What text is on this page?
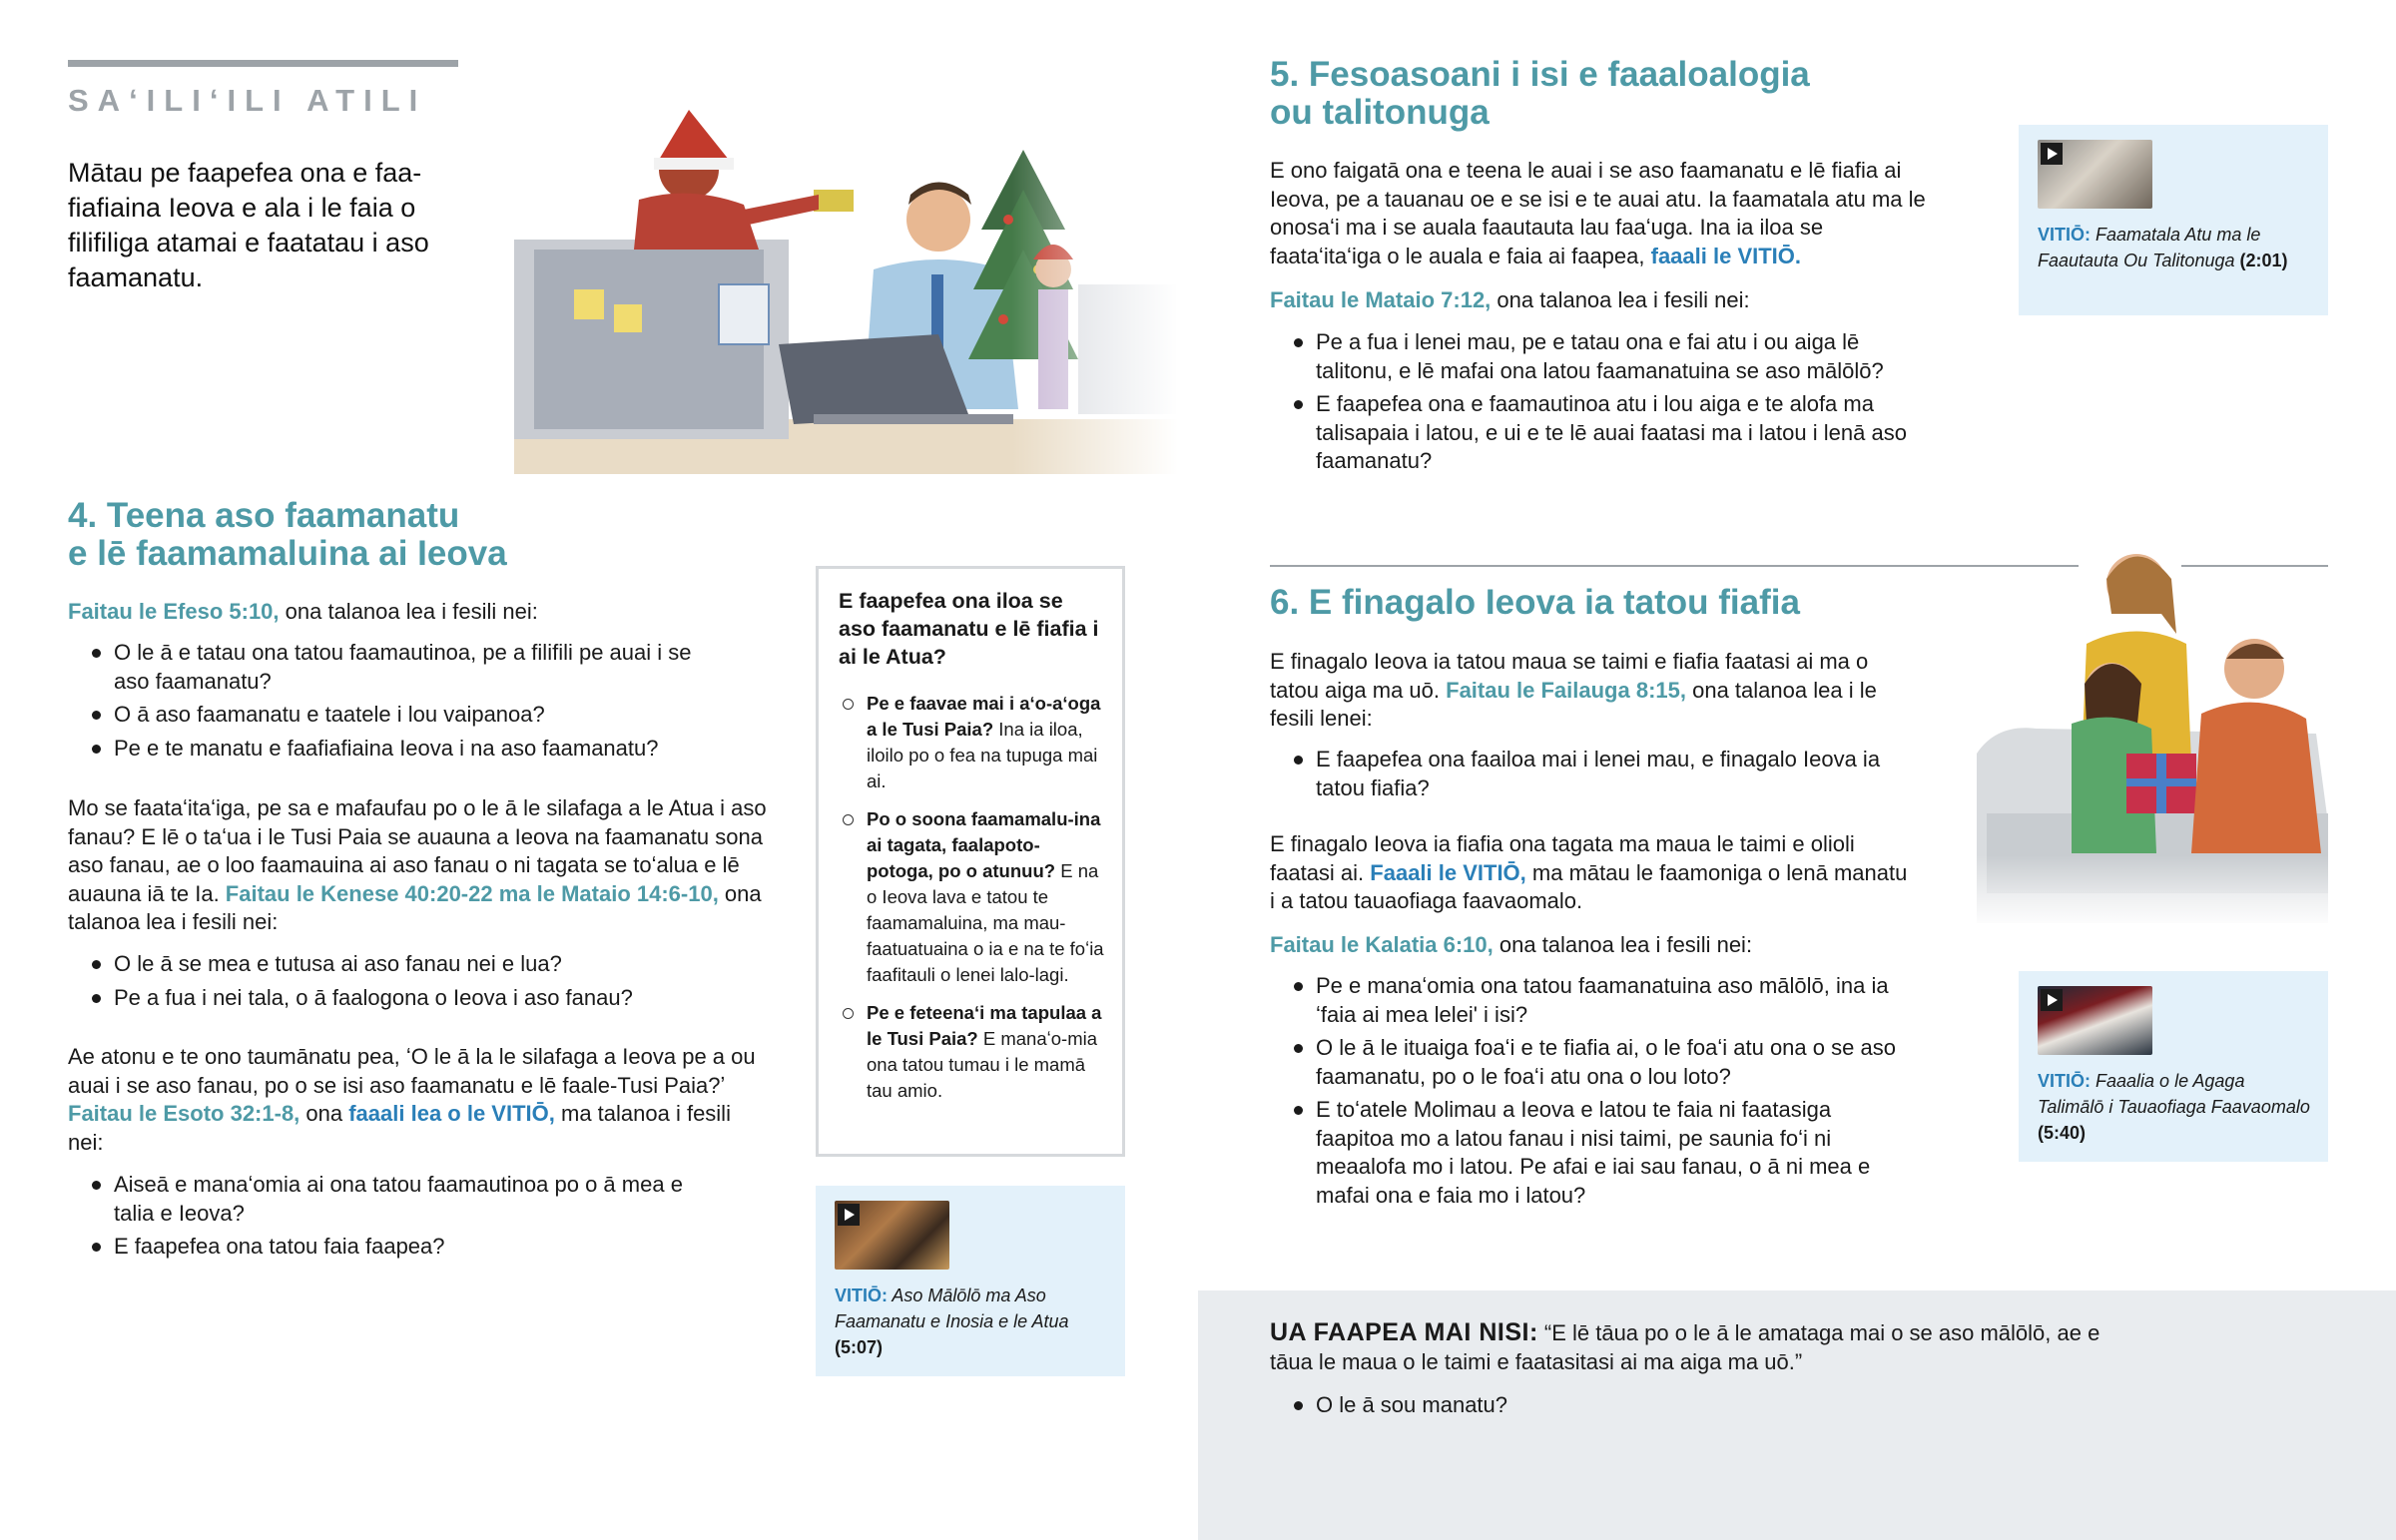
SAʻILIʻILI ATILI
Mātau pe faapefea ona e faa-fiafiaina Ieova e ala i le faia o filifiliga atamai e faatatau i aso faamanatu.
4. Teena aso faamanatu
e lē faamamaluina ai Ieova
Faitau le Efeso 5:10, ona talanoa lea i fesili nei:
O le ā e tatau ona tatou faamautinoa, pe a filifili pe auai i se aso faamanatu?
O ā aso faamanatu e taatele i lou vaipanoa?
Pe e te manatu e faafiafiaina Ieova i na aso faamanatu?
Mo se faataʻitaʻiga, pe sa e mafaufau po o le ā le silafaga a le Atua i aso fanau? E lē o taʻua i le Tusi Paia se auauna a Ieova na faamanatu sona aso fanau, ae o loo faamauina ai aso fanau o ni tagata se toʻalua e lē auauna iā te Ia. Faitau le Kenese 40:20-22 ma le Mataio 14:6-10, ona talanoa lea i fesili nei:
O le ā se mea e tutusa ai aso fanau nei e lua?
Pe a fua i nei tala, o ā faalogona o Ieova i aso fanau?
Ae atonu e te ono taumānatu pea, ʻO le ā la le silafaga a Ieova pe a ou auai i se aso fanau, po o se isi aso faamanatu e lē faale-Tusi Paia?ʼ Faitau le Esoto 32:1-8, ona faaali lea o le VITIŌ, ma talanoa i fesili nei:
Aiseā e manaʻomia ai ona tatou faamautinoa po o ā mea e talia e Ieova?
E faapefea ona tatou faia faapea?
E faapefea ona iloa se aso faamanatu e lē fiafia i ai le Atua?
Pe e faavae mai i aʻo-aʻoga a le Tusi Paia? Ina ia iloa, iloilo po o fea na tupuga mai ai.
Po o soona faamamalu-ina ai tagata, faalapoto-potoga, po o atunuu? E na o Ieova lava e tatou te faamamaluina, ma mau-faatuatuaina o ia e na te foʻia faafitauli o lenei lalo-lagi.
Pe e feteenaʻi ma tapulaa a le Tusi Paia? E manaʻo-mia ona tatou tumau i le mamā tau amio.
VITIŌ: Aso Mālōlō ma Aso Faamanatu e Inosia e le Atua (5:07)
5. Fesoasoani i isi e faaaloalogia
ou talitonuga
E ono faigatā ona e teena le auai i se aso faamanatu e lē fiafia ai Ieova, pe a tauanau oe e se isi e te auai atu. Ia faamatala atu ma le onosaʻi ma i se auala faautauta lau faaʻuga. Ina ia iloa se faataʻitaʻiga o le auala e faia ai faapea, faaali le VITIŌ.
Faitau le Mataio 7:12, ona talanoa lea i fesili nei:
Pe a fua i lenei mau, pe e tatau ona e fai atu i ou aiga lē talitonu, e lē mafai ona latou faamanatuina se aso mālōlō?
E faapefea ona e faamautinoa atu i lou aiga e te alofa ma talisapaia i latou, e ui e te lē auai faatasi ma i latou i lenā aso faamanatu?
VITIŌ: Faamatala Atu ma le Faautauta Ou Talitonuga (2:01)
6. E finagalo Ieova ia tatou fiafia
E finagalo Ieova ia tatou maua se taimi e fiafia faatasi ai ma o tatou aiga ma uō. Faitau le Failauga 8:15, ona talanoa lea i le fesili lenei:
E faapefea ona faailoa mai i lenei mau, e finagalo Ieova ia tatou fiafia?
E finagalo Ieova ia fiafia ona tagata ma maua le taimi e olioli faatasi ai. Faaali le VITIŌ, ma mātau le faamoniga o lenā manatu i a tatou tauaofiaga faavaomalo.
Faitau le Kalatia 6:10, ona talanoa lea i fesili nei:
Pe e manaʻomia ona tatou faamanatuina aso mālōlō, ina ia ʻfaia ai mea lelei' i isi?
O le ā le ituaiga foaʻi e te fiafia ai, o le foaʻi atu ona o se aso faamanatu, po o le foaʻi atu ona o lou loto?
E toʻatele Molimau a Ieova e latou te faia ni faatasiga faapitoa mo a latou fanau i nisi taimi, pe saunia foʻi ni meaalofa mo i latou. Pe afai e iai sau fanau, o ā ni mea e mafai ona e faia mo i latou?
VITIŌ: Faaalia o le Agaga Talimālō i Tauaofiaga Faavaomalo (5:40)
UA FAAPEA MAI NISI: “E lē tāua po o le ā le amataga mai o se aso mālōlō, ae e tāua le maua o le taimi e faatasitasi ai ma aiga ma uō.”
O le ā sou manatu?
